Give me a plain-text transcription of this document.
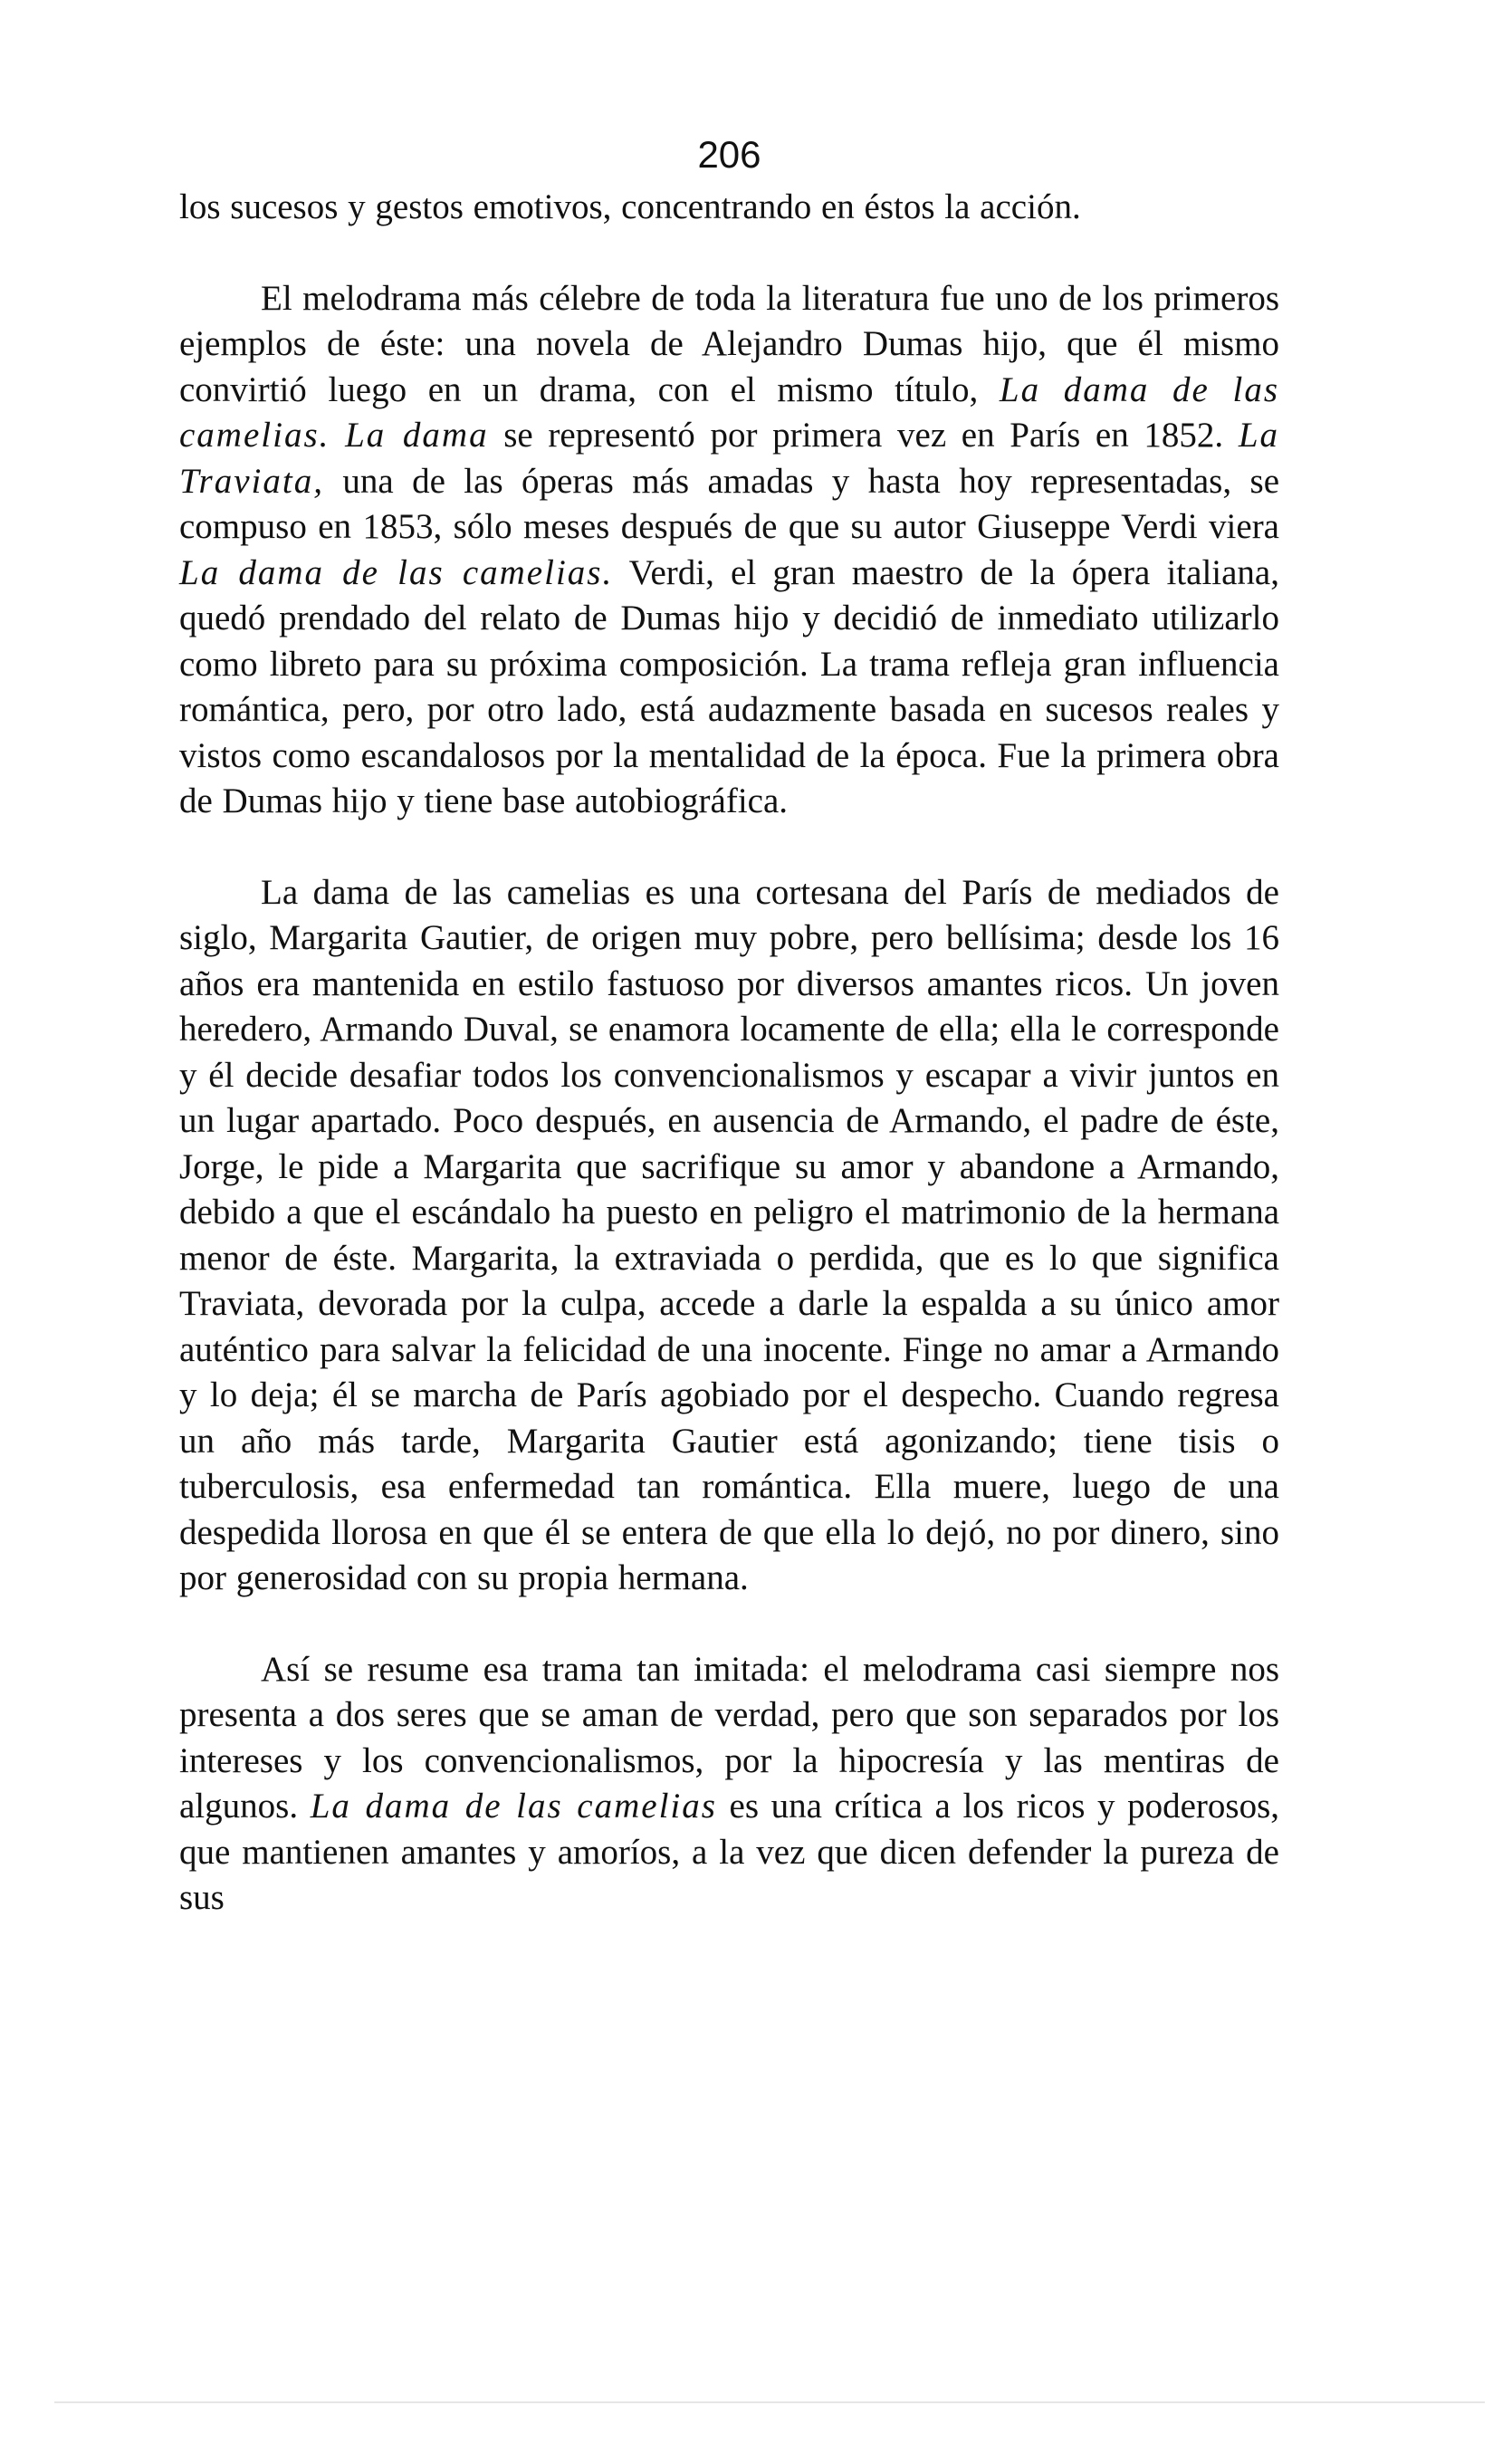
206

los sucesos y gestos emotivos, concentrando en éstos la acción.

El melodrama más célebre de toda la literatura fue uno de los primeros ejemplos de éste: una novela de Alejandro Dumas hijo, que él mismo convirtió luego en un drama, con el mismo título, La dama de las camelias. La dama se representó por primera vez en París en 1852. La Traviata, una de las óperas más amadas y hasta hoy representadas, se compuso en 1853, sólo meses después de que su autor Giuseppe Verdi viera La dama de las camelias. Verdi, el gran maestro de la ópera italiana, quedó prendado del relato de Dumas hijo y decidió de inmediato utilizarlo como libreto para su próxima composición. La trama refleja gran influencia romántica, pero, por otro lado, está audazmente basada en sucesos reales y vistos como escandalosos por la mentalidad de la época. Fue la primera obra de Dumas hijo y tiene base autobiográfica.

La dama de las camelias es una cortesana del París de mediados de siglo, Margarita Gautier, de origen muy pobre, pero bellísima; desde los 16 años era mantenida en estilo fastuoso por diversos amantes ricos. Un joven heredero, Armando Duval, se enamora locamente de ella; ella le corresponde y él decide desafiar todos los convencionalismos y escapar a vivir juntos en un lugar apartado. Poco después, en ausencia de Armando, el padre de éste, Jorge, le pide a Margarita que sacrifique su amor y abandone a Armando, debido a que el escándalo ha puesto en peligro el matrimonio de la hermana menor de éste. Margarita, la extraviada o perdida, que es lo que significa Traviata, devorada por la culpa, accede a darle la espalda a su único amor auténtico para salvar la felicidad de una inocente. Finge no amar a Armando y lo deja; él se marcha de París agobiado por el despecho. Cuando regresa un año más tarde, Margarita Gautier está agonizando; tiene tisis o tuberculosis, esa enfermedad tan romántica. Ella muere, luego de una despedida llorosa en que él se entera de que ella lo dejó, no por dinero, sino por generosidad con su propia hermana.

Así se resume esa trama tan imitada: el melodrama casi siempre nos presenta a dos seres que se aman de verdad, pero que son separados por los intereses y los convencionalismos, por la hipocresía y las mentiras de algunos. La dama de las camelias es una crítica a los ricos y poderosos, que mantienen amantes y amoríos, a la vez que dicen defender la pureza de sus
